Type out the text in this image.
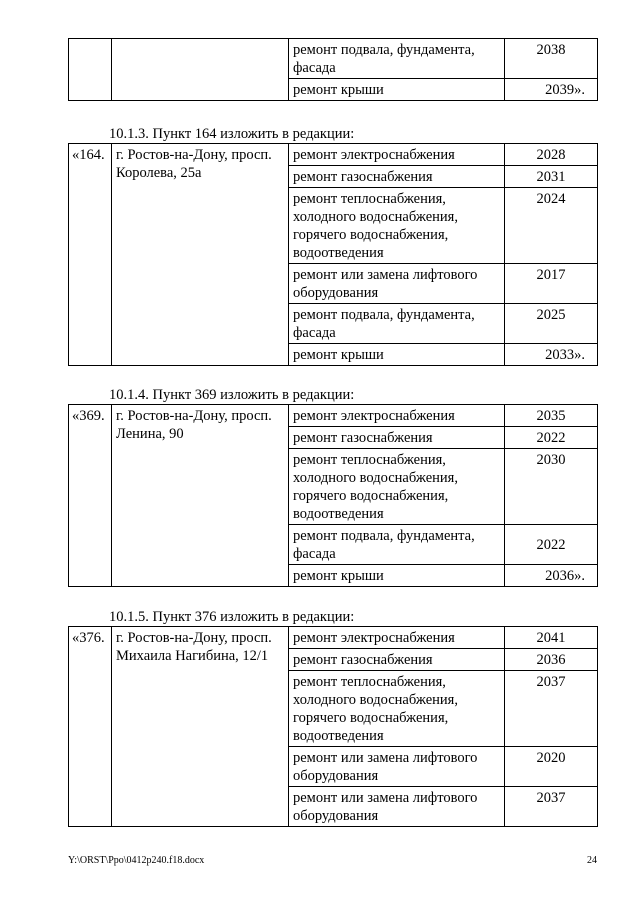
		ремонт подвала, фундамента, фасада	2038
		ремонт крыши	2039».

10.1.3. Пункт 164 изложить в редакции:

«164.	г. Ростов-на-Дону, просп. Королева, 25а	ремонт электроснабжения	2028
		ремонт газоснабжения	2031
		ремонт теплоснабжения, холодного водоснабжения, горячего водоснабжения, водоотведения	2024
		ремонт или замена лифтового оборудования	2017
		ремонт подвала, фундамента, фасада	2025
		ремонт крыши	2033».

10.1.4. Пункт 369 изложить в редакции:

«369.	г. Ростов-на-Дону, просп. Ленина, 90	ремонт электроснабжения	2035
		ремонт газоснабжения	2022
		ремонт теплоснабжения, холодного водоснабжения, горячего водоснабжения, водоотведения	2030
		ремонт подвала, фундамента, фасада	2022
		ремонт крыши	2036».

10.1.5. Пункт 376 изложить в редакции:

«376.	г. Ростов-на-Дону, просп. Михаила Нагибина, 12/1	ремонт электроснабжения	2041
		ремонт газоснабжения	2036
		ремонт теплоснабжения, холодного водоснабжения, горячего водоснабжения, водоотведения	2037
		ремонт или замена лифтового оборудования	2020
		ремонт или замена лифтового оборудования	2037
Y:\ORST\Ppo\0412p240.f18.docx	24
